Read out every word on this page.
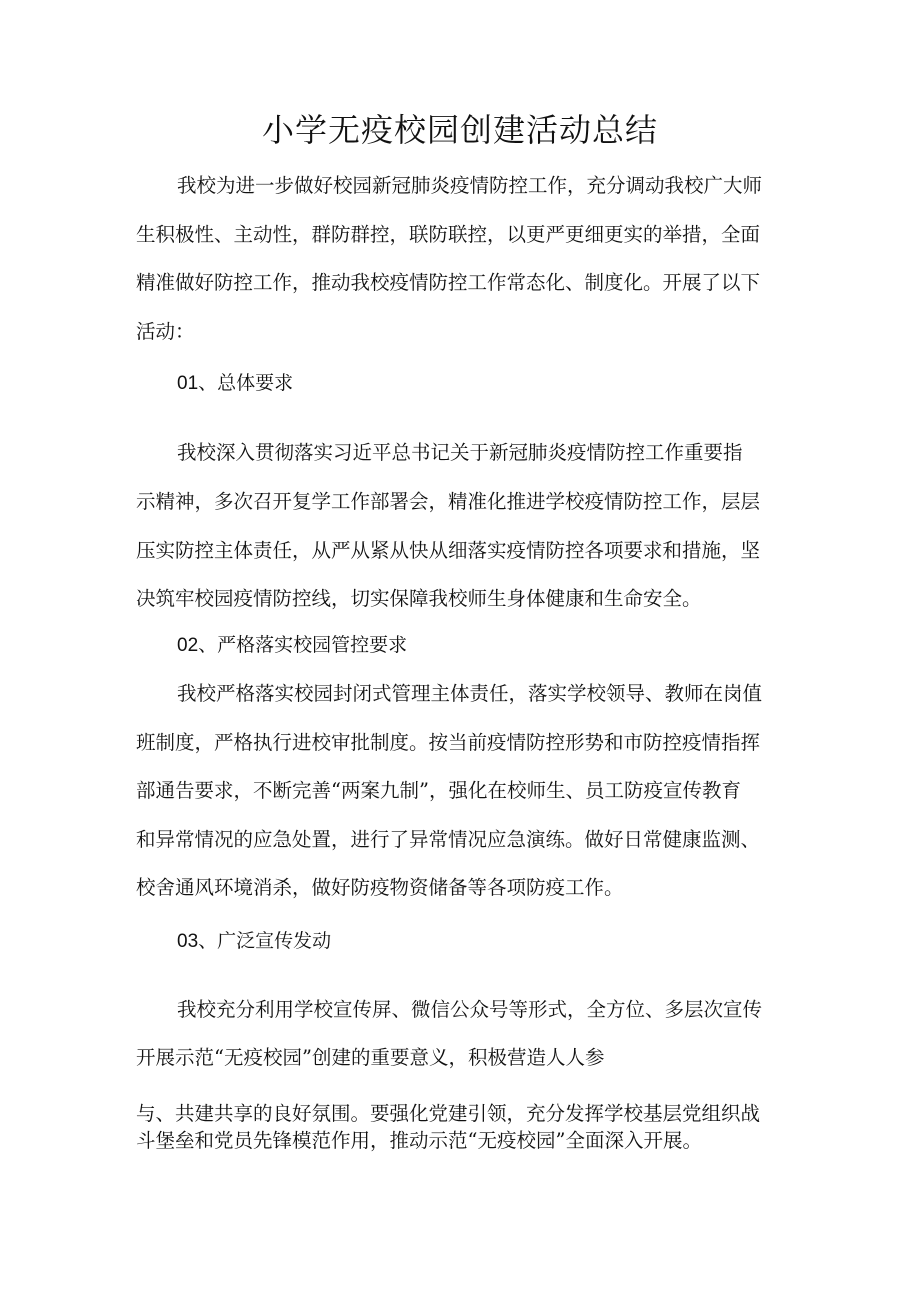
小学无疫校园创建活动总结

我校为进一步做好校园新冠肺炎疫情防控工作，充分调动我校广大师

生积极性、主动性，群防群控，联防联控，以更严更细更实的举措，全面

精准做好防控工作，推动我校疫情防控工作常态化、制度化。开展了以下

活动：

01、总体要求

我校深入贯彻落实习近平总书记关于新冠肺炎疫情防控工作重要指

示精神，多次召开复学工作部署会，精准化推进学校疫情防控工作，层层

压实防控主体责任，从严从紧从快从细落实疫情防控各项要求和措施，坚

决筑牢校园疫情防控线，切实保障我校师生身体健康和生命安全。

02、严格落实校园管控要求

我校严格落实校园封闭式管理主体责任，落实学校领导、教师在岗值

班制度，严格执行进校审批制度。按当前疫情防控形势和市防控疫情指挥

部通告要求，不断完善“两案九制”，强化在校师生、员工防疫宣传教育

和异常情况的应急处置，进行了异常情况应急演练。做好日常健康监测、

校舍通风环境消杀，做好防疫物资储备等各项防疫工作。

03、广泛宣传发动

我校充分利用学校宣传屏、微信公众号等形式，全方位、多层次宣传

开展示范“无疫校园”创建的重要意义，积极营造人人参

与、共建共享的良好氛围。要强化党建引领，充分发挥学校基层党组织战

斗堡垒和党员先锋模范作用，推动示范“无疫校园”全面深入开展。
